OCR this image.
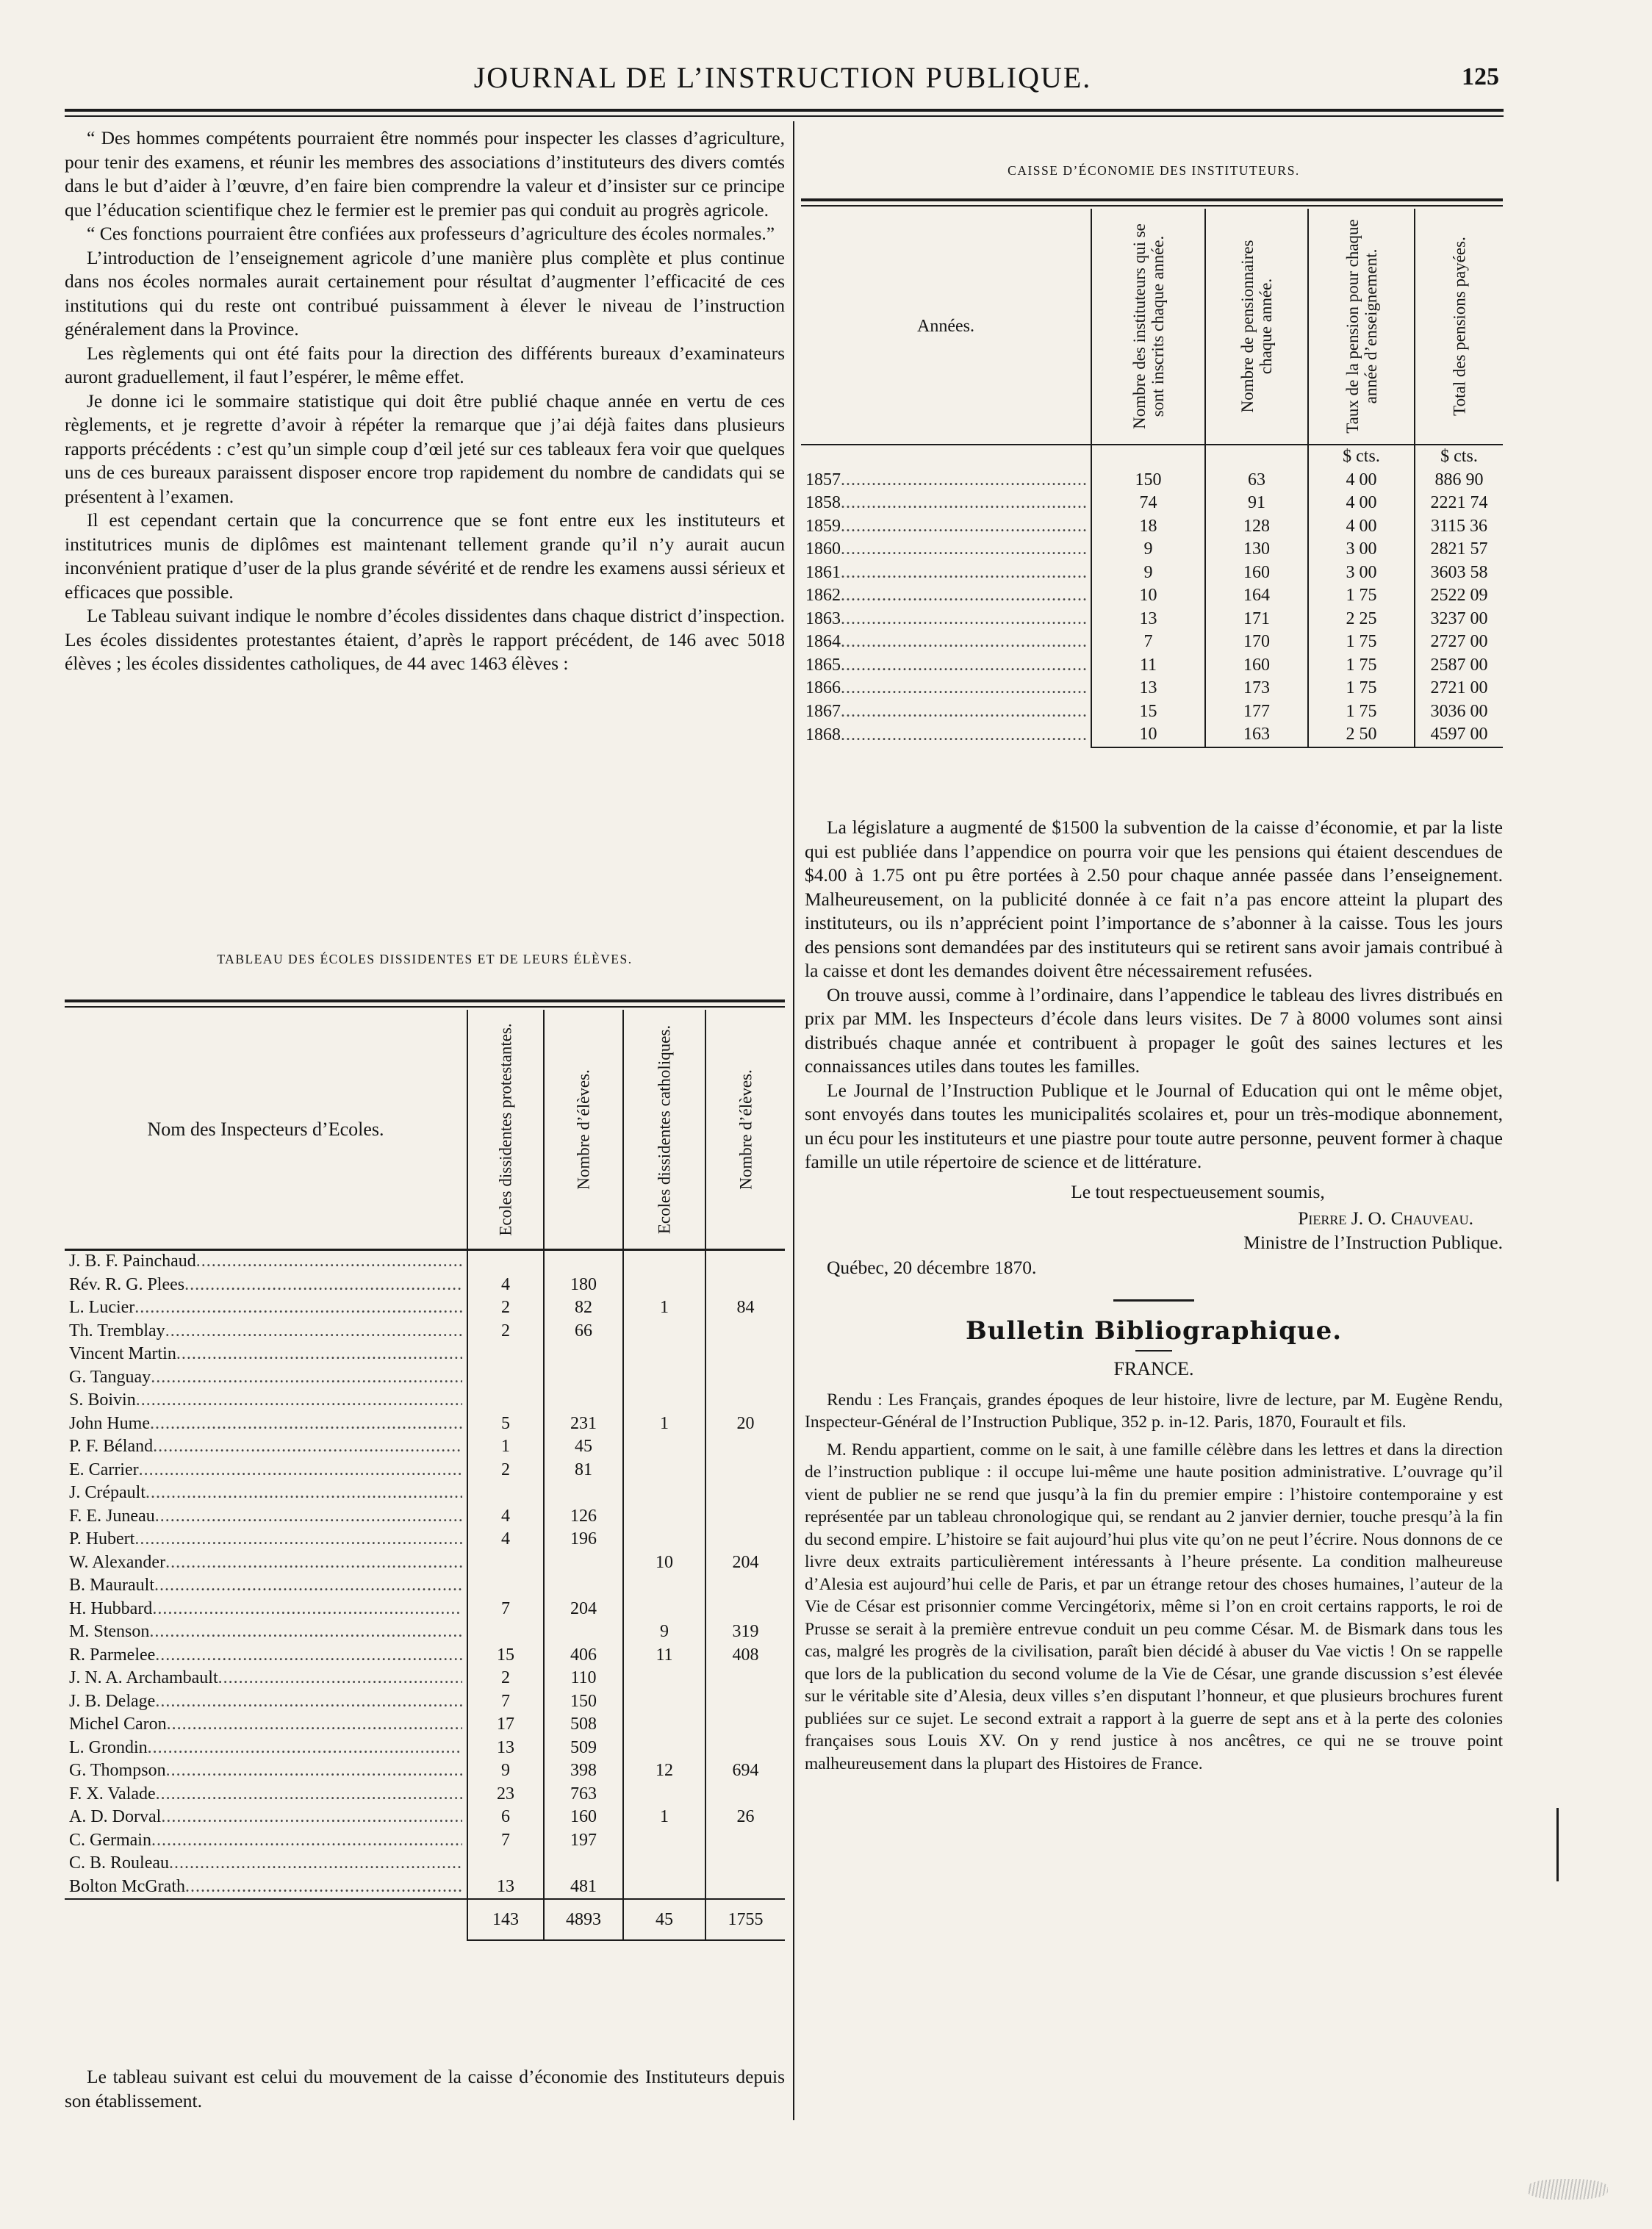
JOURNAL DE L’INSTRUCTION PUBLIQUE.	125

“ Des hommes compétents pourraient être nommés pour inspecter les classes d’agriculture, pour tenir des examens, et réunir les membres des associations d’instituteurs des divers comtés dans le but d’aider à l’œuvre, d’en faire bien comprendre la valeur et d’insister sur ce principe que l’éducation scientifique chez le fermier est le premier pas qui conduit au progrès agricole.

“ Ces fonctions pourraient être confiées aux professeurs d’agriculture des écoles normales.”

L’introduction de l’enseignement agricole d’une manière plus complète et plus continue dans nos écoles normales aurait certainement pour résultat d’augmenter l’efficacité de ces institutions qui du reste ont contribué puissamment à élever le niveau de l’instruction généralement dans la Province.

Les règlements qui ont été faits pour la direction des différents bureaux d’examinateurs auront graduellement, il faut l’espérer, le même effet.

Je donne ici le sommaire statistique qui doit être publié chaque année en vertu de ces règlements, et je regrette d’avoir à répéter la remarque que j’ai déjà faites dans plusieurs rapports précédents : c’est qu’un simple coup d’œil jeté sur ces tableaux fera voir que quelques uns de ces bureaux paraissent disposer encore trop rapidement du nombre de candidats qui se présentent à l’examen.

Il est cependant certain que la concurrence que se font entre eux les instituteurs et institutrices munis de diplômes est maintenant tellement grande qu’il n’y aurait aucun inconvénient pratique d’user de la plus grande sévérité et de rendre les examens aussi sérieux et efficaces que possible.

Le Tableau suivant indique le nombre d’écoles dissidentes dans chaque district d’inspection. Les écoles dissidentes protestantes étaient, d’après le rapport précédent, de 146 avec 5018 élèves ; les écoles dissidentes catholiques, de 44 avec 1463 élèves :

TABLEAU DES ÉCOLES DISSIDENTES ET DE LEURS ÉLÈVES.
Nom des Inspecteurs d’Ecoles.	Ecoles dissidentes protestantes.	Nombre d’élèves.	Ecoles dissidentes catholiques.	Nombre d’élèves.

J. B. F. Painchaud
.....

Rév. R. G. Plees
.....	4	180		

L. Lucier
.....	2	82	1	84

Th. Tremblay
.....	2	66		

Vincent Martin
.....

G. Tanguay
.....

S. Boivin
.....

John Hume
.....	5	231	1	20

P. F. Béland
.....	1	45		

E. Carrier
.....	2	81		

J. Crépault
.....

F. E. Juneau
.....	4	126		

P. Hubert
.....	4	196		

W. Alexander
.....			10	204

B. Maurault
.....

H. Hubbard
.....	7	204		

M. Stenson
.....			9	319

R. Parmelee
.....	15	406	11	408

J. N. A. Archambault
.....	2	110		

J. B. Delage
.....	7	150		

Michel Caron
.....	17	508		

L. Grondin
.....	13	509		

G. Thompson
.....	9	398	12	694

F. X. Valade
.....	23	763		

A. D. Dorval
.....	6	160	1	26

C. Germain
.....	7	197		

C. B. Rouleau
.....

Bolton McGrath
.....	13	481		
	143	4893	45	1755

Le tableau suivant est celui du mouvement de la caisse d’économie des Instituteurs depuis son établissement.

CAISSE D’ÉCONOMIE DES INSTITUTEURS.
Années.	Nombre des instituteurs qui se sont inscrits chaque année.	Nombre de pensionnaires chaque année.	Taux de la pension pour chaque année d’enseignement.	Total des pensions payées.

			$ cts.	$ cts.

1857
.....	150	63	4 00	886 90

1858
.....	74	91	4 00	2221 74

1859
.....	18	128	4 00	3115 36

1860
.....	9	130	3 00	2821 57

1861
.....	9	160	3 00	3603 58

1862
.....	10	164	1 75	2522 09

1863
.....	13	171	2 25	3237 00

1864
.....	7	170	1 75	2727 00

1865
.....	11	160	1 75	2587 00

1866
.....	13	173	1 75	2721 00

1867
.....	15	177	1 75	3036 00

1868
.....	10	163	2 50	4597 00

La législature a augmenté de $1500 la subvention de la caisse d’économie, et par la liste qui est publiée dans l’appendice on pourra voir que les pensions qui étaient descendues de $4.00 à 1.75 ont pu être portées à 2.50 pour chaque année passée dans l’enseignement. Malheureusement, on la publicité donnée à ce fait n’a pas encore atteint la plupart des instituteurs, ou ils n’apprécient point l’importance de s’abonner à la caisse. Tous les jours des pensions sont demandées par des instituteurs qui se retirent sans avoir jamais contribué à la caisse et dont les demandes doivent être nécessairement refusées.

On trouve aussi, comme à l’ordinaire, dans l’appendice le tableau des livres distribués en prix par MM. les Inspecteurs d’école dans leurs visites. De 7 à 8000 volumes sont ainsi distribués chaque année et contribuent à propager le goût des saines lectures et les connaissances utiles dans toutes les familles.

Le Journal de l’Instruction Publique et le Journal of Education qui ont le même objet, sont envoyés dans toutes les municipalités scolaires et, pour un très-modique abonnement, un écu pour les instituteurs et une piastre pour toute autre personne, peuvent former à chaque famille un utile répertoire de science et de littérature.

Le tout respectueusement soumis,
Pierre J. O. Chauveau.
Ministre de l’Instruction Publique.
Québec, 20 décembre 1870.
Bulletin Bibliographique.
FRANCE.

Rendu : Les Français, grandes époques de leur histoire, livre de lecture, par M. Eugène Rendu, Inspecteur-Général de l’Instruction Publique, 352 p. in-12. Paris, 1870, Fourault et fils.

M. Rendu appartient, comme on le sait, à une famille célèbre dans les lettres et dans la direction de l’instruction publique : il occupe lui-même une haute position administrative. L’ouvrage qu’il vient de publier ne se rend que jusqu’à la fin du premier empire : l’histoire contemporaine y est représentée par un tableau chronologique qui, se rendant au 2 janvier dernier, touche presqu’à la fin du second empire. L’histoire se fait aujourd’hui plus vite qu’on ne peut l’écrire. Nous donnons de ce livre deux extraits particulièrement intéressants à l’heure présente. La condition malheureuse d’Alesia est aujourd’hui celle de Paris, et par un étrange retour des choses humaines, l’auteur de la Vie de César est prisonnier comme Vercingétorix, même si l’on en croit certains rapports, le roi de Prusse se serait à la première entrevue conduit un peu comme César. M. de Bismark dans tous les cas, malgré les progrès de la civilisation, paraît bien décidé à abuser du Vae victis ! On se rappelle que lors de la publication du second volume de la Vie de César, une grande discussion s’est élevée sur le véritable site d’Alesia, deux villes s’en disputant l’honneur, et que plusieurs brochures furent publiées sur ce sujet. Le second extrait a rapport à la guerre de sept ans et à la perte des colonies françaises sous Louis XV. On y rend justice à nos ancêtres, ce qui ne se trouve point malheureusement dans la plupart des Histoires de France.
